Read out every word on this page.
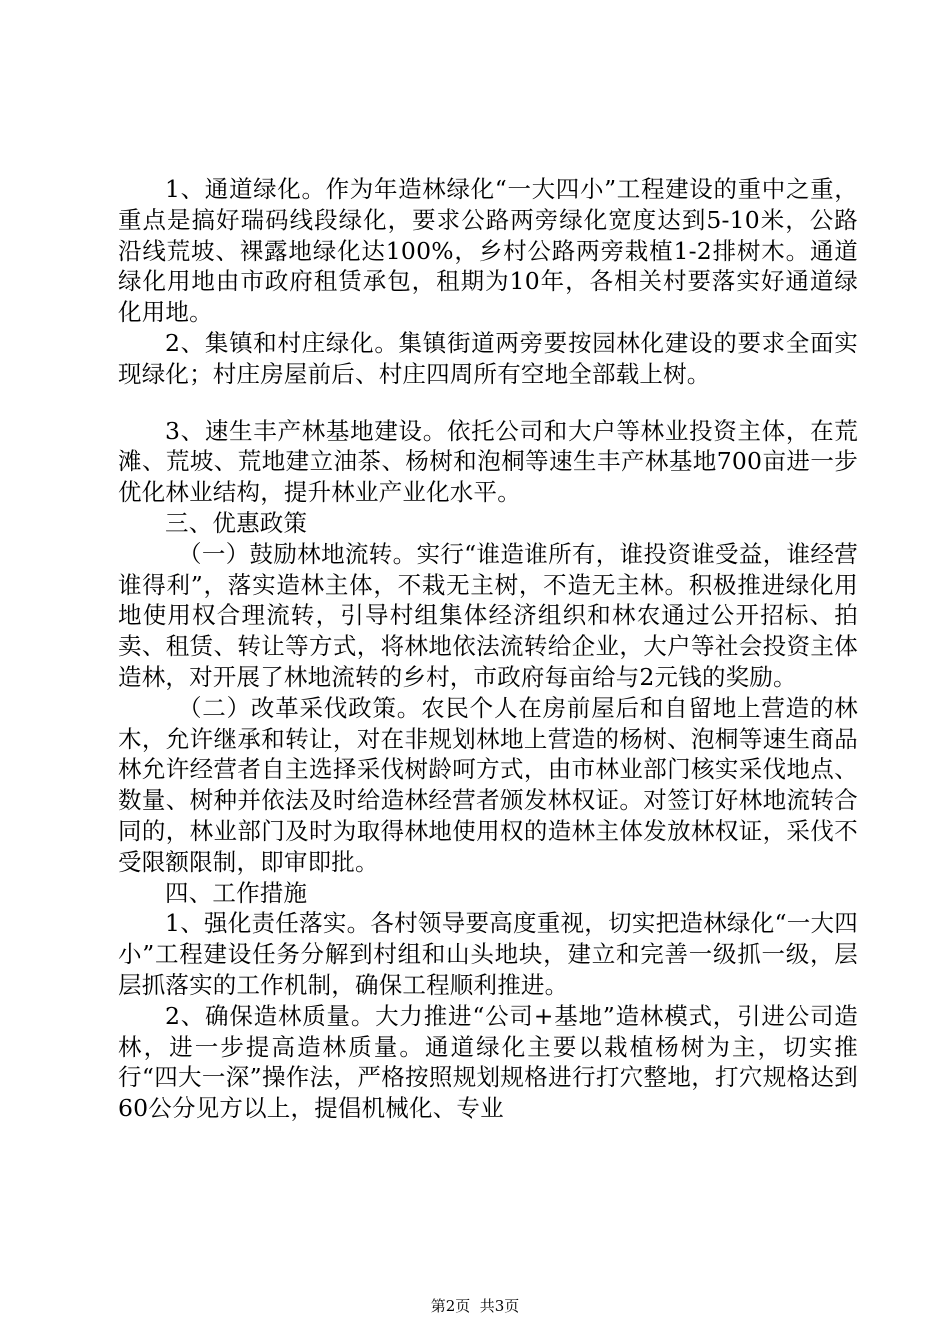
1、通道绿化。作为年造林绿化“一大四小”工程建设的重中之重，重点是搞好瑞码线段绿化，要求公路两旁绿化宽度达到5-10米，公路沿线荒坡、裸露地绿化达100%，乡村公路两旁栽植1-2排树木。通道绿化用地由市政府租赁承包，租期为10年，各相关村要落实好通道绿化用地。

2、集镇和村庄绿化。集镇街道两旁要按园林化建设的要求全面实现绿化；村庄房屋前后、村庄四周所有空地全部载上树。

3、速生丰产林基地建设。依托公司和大户等林业投资主体，在荒滩、荒坡、荒地建立油茶、杨树和泡桐等速生丰产林基地700亩进一步优化林业结构，提升林业产业化水平。

三、优惠政策

（一）鼓励林地流转。实行“谁造谁所有，谁投资谁受益，谁经营谁得利”，落实造林主体，不栽无主树，不造无主林。积极推进绿化用地使用权合理流转，引导村组集体经济组织和林农通过公开招标、拍卖、租赁、转让等方式，将林地依法流转给企业，大户等社会投资主体造林，对开展了林地流转的乡村，市政府每亩给与2元钱的奖励。

（二）改革采伐政策。农民个人在房前屋后和自留地上营造的林木，允许继承和转让，对在非规划林地上营造的杨树、泡桐等速生商品林允许经营者自主选择采伐树龄呵方式，由市林业部门核实采伐地点、数量、树种并依法及时给造林经营者颁发林权证。对签订好林地流转合同的，林业部门及时为取得林地使用权的造林主体发放林权证，采伐不受限额限制，即审即批。

四、工作措施

1、强化责任落实。各村领导要高度重视，切实把造林绿化“一大四小”工程建设任务分解到村组和山头地块，建立和完善一级抓一级，层层抓落实的工作机制，确保工程顺利推进。

2、确保造林质量。大力推进“公司+基地”造林模式，引进公司造林，进一步提高造林质量。通道绿化主要以栽植杨树为主，切实推行“四大一深”操作法，严格按照规划规格进行打穴整地，打穴规格达到60公分见方以上，提倡机械化、专业

第2页  共3页
